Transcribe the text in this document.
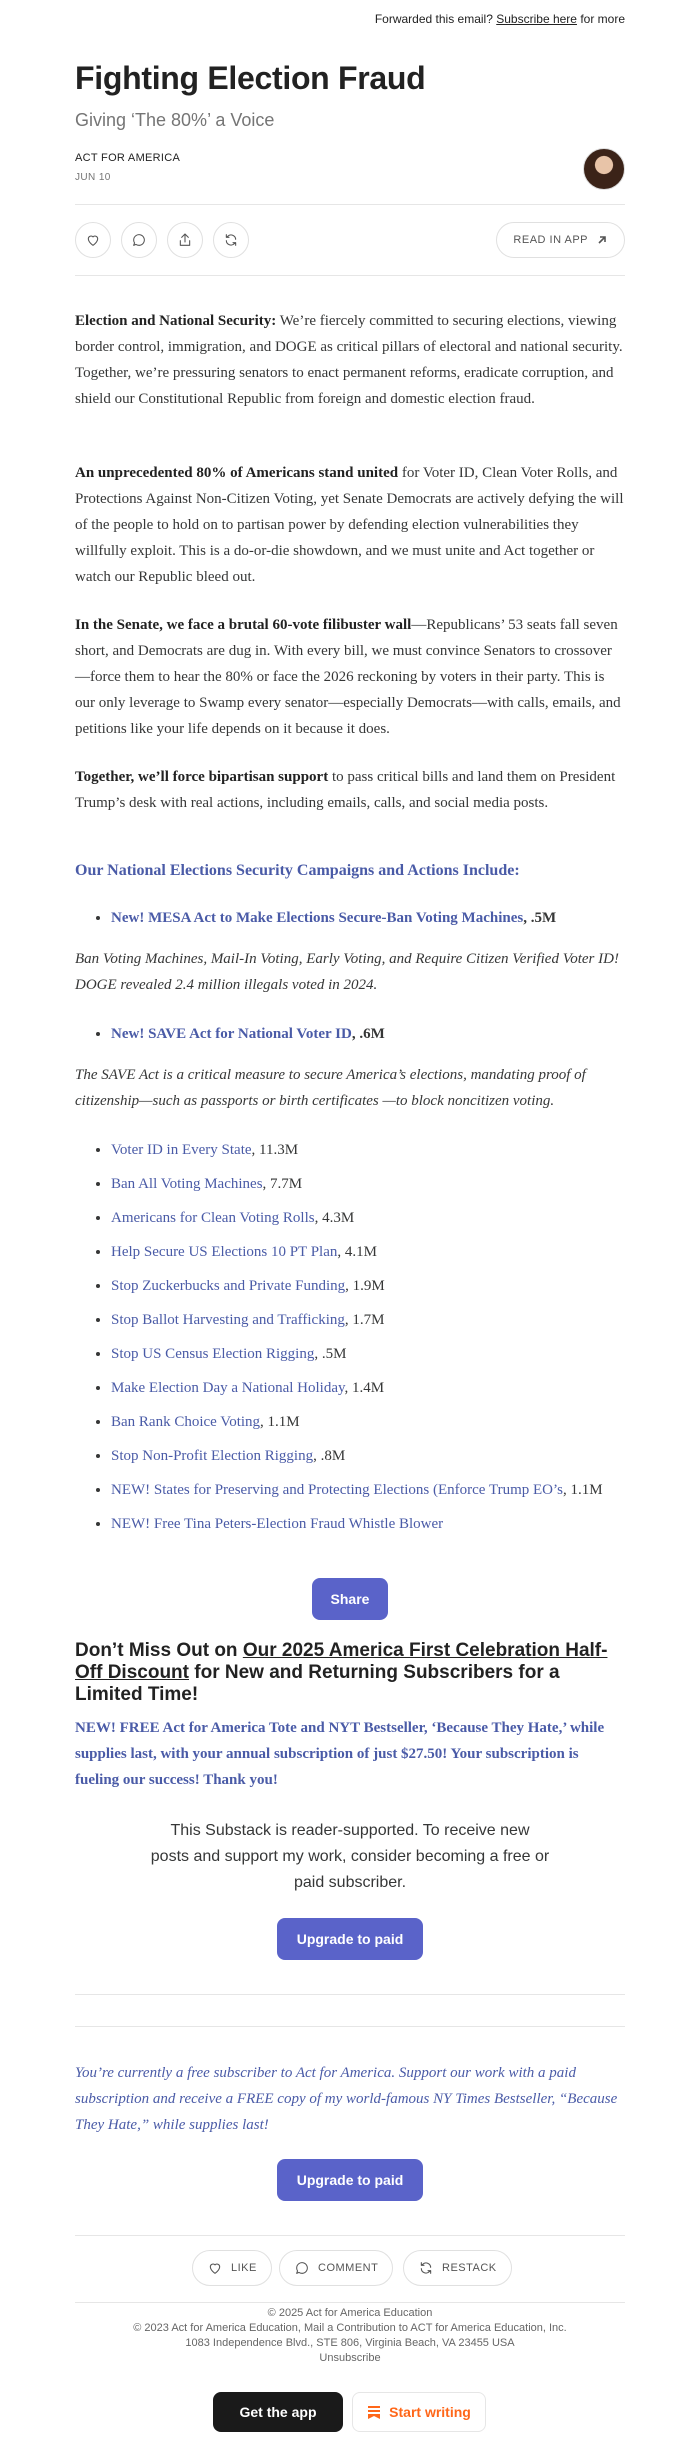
Forwarded this email? Subscribe here for more
Fighting Election Fraud
Giving ‘The 80%’ a Voice
ACT FOR AMERICA
JUN 10
READ IN APP
Election and National Security: We’re fiercely committed to securing elections, viewing border control, immigration, and DOGE as critical pillars of electoral and national security. Together, we’re pressuring senators to enact permanent reforms, eradicate corruption, and shield our Constitutional Republic from foreign and domestic election fraud.
An unprecedented 80% of Americans stand united for Voter ID, Clean Voter Rolls, and Protections Against Non-Citizen Voting, yet Senate Democrats are actively defying the will of the people to hold on to partisan power by defending election vulnerabilities they willfully exploit. This is a do-or-die showdown, and we must unite and Act together or watch our Republic bleed out.
In the Senate, we face a brutal 60-vote filibuster wall—Republicans’ 53 seats fall seven short, and Democrats are dug in. With every bill, we must convince Senators to crossover—force them to hear the 80% or face the 2026 reckoning by voters in their party. This is our only leverage to Swamp every senator—especially Democrats—with calls, emails, and petitions like your life depends on it because it does.
Together, we’ll force bipartisan support to pass critical bills and land them on President Trump’s desk with real actions, including emails, calls, and social media posts.
Our National Elections Security Campaigns and Actions Include:
• New! MESA Act to Make Elections Secure-Ban Voting Machines, .5M
Ban Voting Machines, Mail-In Voting, Early Voting, and Require Citizen Verified Voter ID! DOGE revealed 2.4 million illegals voted in 2024.
• New! SAVE Act for National Voter ID, .6M
The SAVE Act is a critical measure to secure America’s elections, mandating proof of citizenship—such as passports or birth certificates —to block noncitizen voting.
• Voter ID in Every State, 11.3M
• Ban All Voting Machines, 7.7M
• Americans for Clean Voting Rolls, 4.3M
• Help Secure US Elections 10 PT Plan, 4.1M
• Stop Zuckerbucks and Private Funding, 1.9M
• Stop Ballot Harvesting and Trafficking, 1.7M
• Stop US Census Election Rigging, .5M
• Make Election Day a National Holiday, 1.4M
• Ban Rank Choice Voting, 1.1M
• Stop Non-Profit Election Rigging, .8M
• NEW! States for Preserving and Protecting Elections (Enforce Trump EO’s, 1.1M
• NEW! Free Tina Peters-Election Fraud Whistle Blower
Share
Don’t Miss Out on Our 2025 America First Celebration Half-Off Discount for New and Returning Subscribers for a Limited Time!
NEW! FREE Act for America Tote and NYT Bestseller, ‘Because They Hate,’ while supplies last, with your annual subscription of just $27.50! Your subscription is fueling our success! Thank you!
This Substack is reader-supported. To receive new posts and support my work, consider becoming a free or paid subscriber.
Upgrade to paid
You’re currently a free subscriber to Act for America. Support our work with a paid subscription and receive a FREE copy of my world-famous NY Times Bestseller, “Because They Hate,” while supplies last!
Upgrade to paid
LIKE	COMMENT	RESTACK
© 2025 Act for America Education
© 2023 Act for America Education, Mail a Contribution to ACT for America Education, Inc.
1083 Independence Blvd., STE 806, Virginia Beach, VA 23455 USA
Unsubscribe
Get the app	Start writing
